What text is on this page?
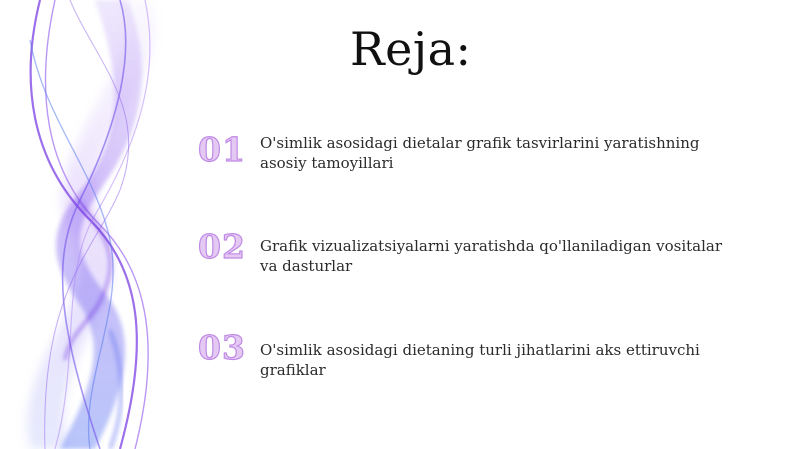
Reja:
01 O'simlik asosidagi dietalar grafik tasvirlarini yaratishning asosiy tamoyillari
02 Grafik vizualizatsiyalarni yaratishda qo'llaniladigan vositalar va dasturlar
03 O'simlik asosidagi dietaning turli jihatlarini aks ettiruvchi grafiklar
